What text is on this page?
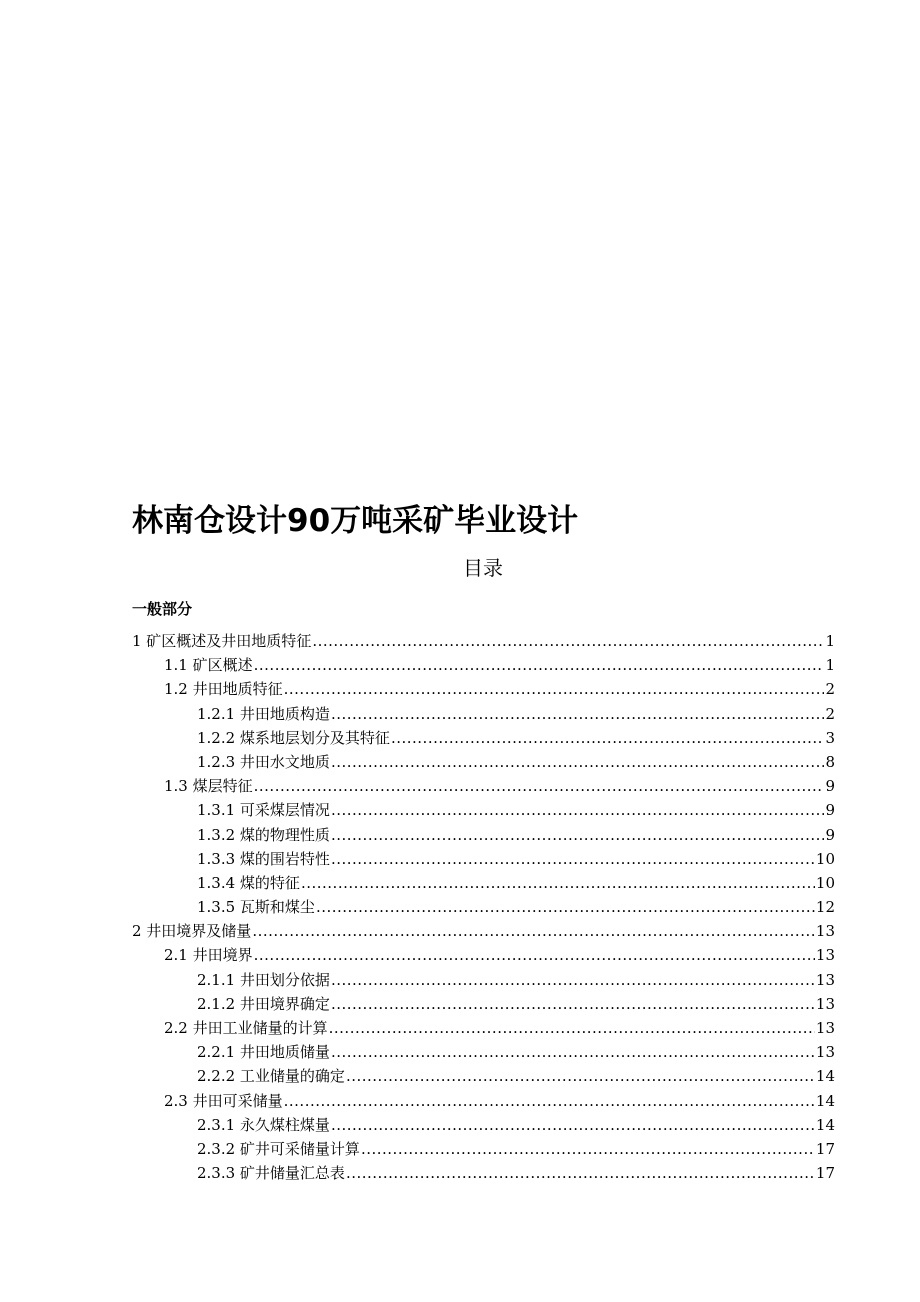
林南仓设计90万吨采矿毕业设计
目录
一般部分
1 矿区概述及井田地质特征 .....	1
1.1 矿区概述 .....	1
1.2 井田地质特征 .....	2
1.2.1 井田地质构造 .....	2
1.2.2 煤系地层划分及其特征 .....	3
1.2.3 井田水文地质 .....	8
1.3 煤层特征 .....	9
1.3.1 可采煤层情况 .....	9
1.3.2 煤的物理性质 .....	9
1.3.3 煤的围岩特性 .....	10
1.3.4 煤的特征 .....	10
1.3.5 瓦斯和煤尘 .....	12
2 井田境界及储量 .....	13
2.1 井田境界 .....	13
2.1.1 井田划分依据 .....	13
2.1.2 井田境界确定 .....	13
2.2 井田工业储量的计算 .....	13
2.2.1 井田地质储量 .....	13
2.2.2 工业储量的确定 .....	14
2.3 井田可采储量 .....	14
2.3.1 永久煤柱煤量 .....	14
2.3.2 矿井可采储量计算 .....	17
2.3.3 矿井储量汇总表 .....	17
